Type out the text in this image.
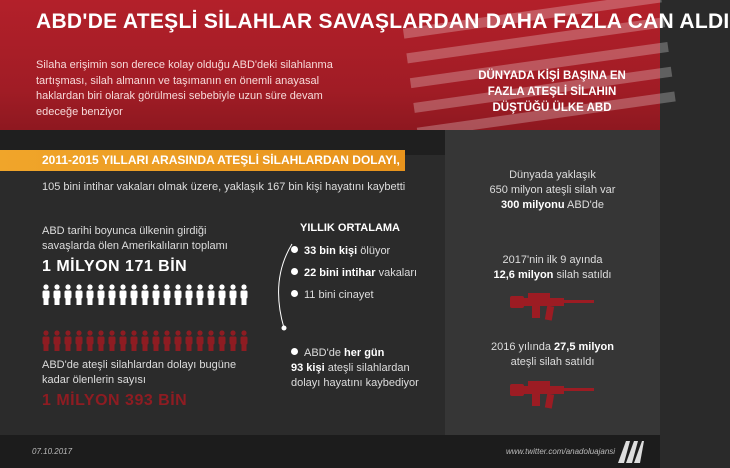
ABD'DE ATEŞLİ SİLAHLAR SAVAŞLARDAN DAHA FAZLA CAN ALDI
Silaha erişimin son derece kolay olduğu ABD'deki silahlanma tartışması, silah almanın ve taşımanın en önemli anayasal haklardan biri olarak görülmesi sebebiyle uzun süre devam edeceğe benziyor
DÜNYADA KİŞİ BAŞINA EN FAZLA ATEŞLİ SİLAHIN DÜŞTÜĞÜ ÜLKE ABD
2011-2015 YILLARI ARASINDA ATEŞLİ SİLAHLARDAN DOLAYI,
105 bini intihar vakaları olmak üzere, yaklaşık 167 bin kişi hayatını kaybetti
ABD tarihi boyunca ülkenin girdiği savaşlarda ölen Amerikalıların toplamı
1 MİLYON 171 BİN
ABD'de ateşli silahlardan dolayı bugüne kadar ölenlerin sayısı
1 MİLYON 393 BİN
YILLIK ORTALAMA
33 bin kişi ölüyor
22 bini intihar vakaları
11 bini cinayet
ABD'de her gün
93 kişi ateşli silahlardan dolayı hayatını kaybediyor
Dünyada yaklaşık
650 milyon ateşli silah var
300 milyonu ABD'de
2017'nin ilk 9 ayında
12,6 milyon silah satıldı
2016 yılında 27,5 milyon
ateşli silah satıldı
07.10.2017	www.twitter.com/anadoluajansi
